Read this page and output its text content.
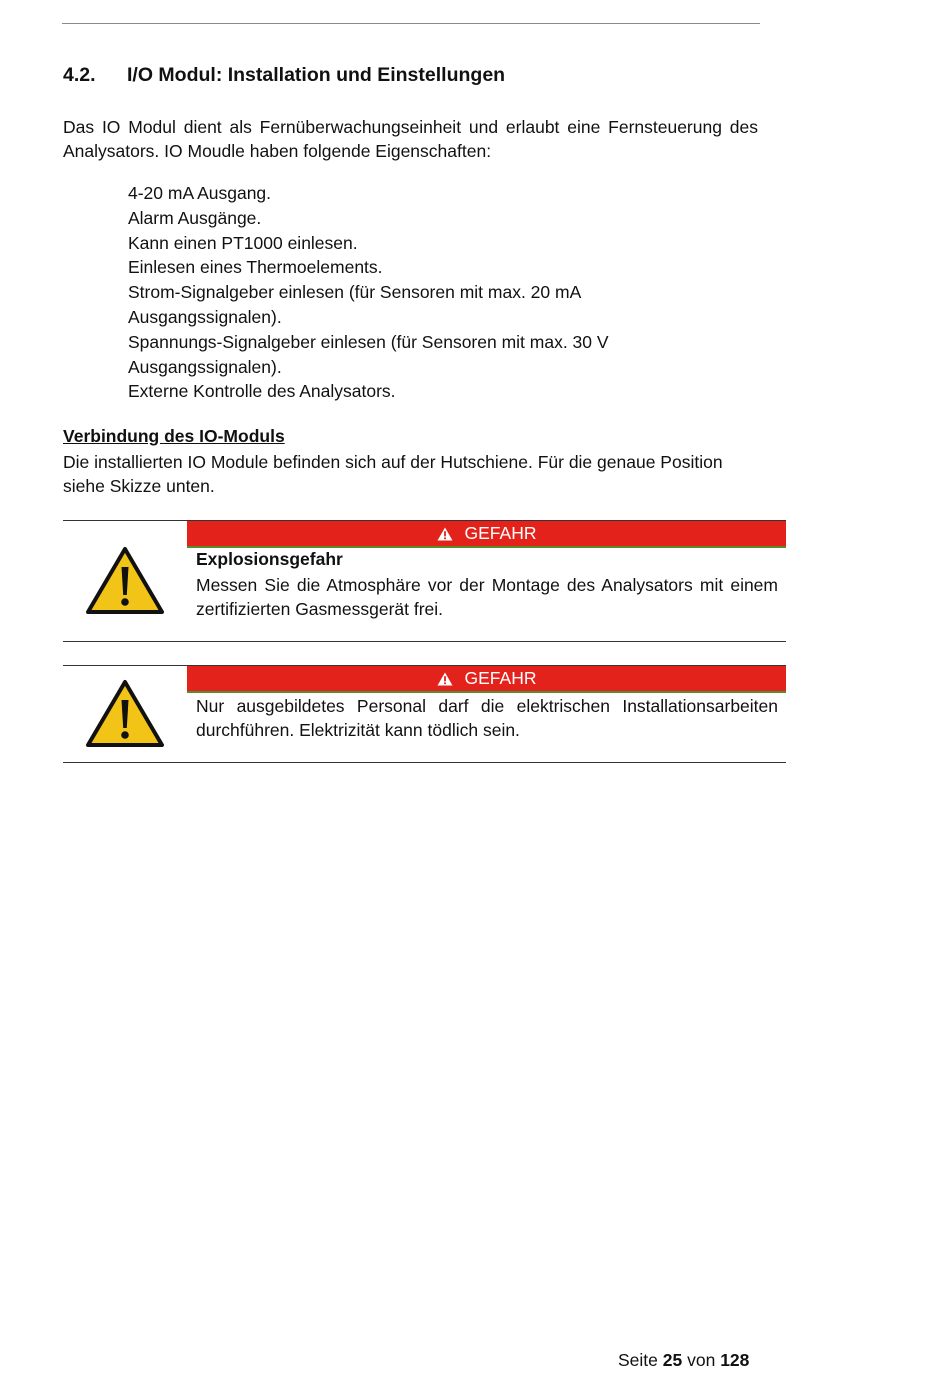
4.2. I/O Modul: Installation und Einstellungen

Das IO Modul dient als Fernüberwachungseinheit und erlaubt eine Fernsteuerung des Analysators. IO Moudle haben folgende Eigenschaften:

4-20 mA Ausgang.
Alarm Ausgänge.
Kann einen PT1000 einlesen.
Einlesen eines Thermoelements.
Strom-Signalgeber einlesen (für Sensoren mit max. 20 mA Ausgangssignalen).
Spannungs-Signalgeber einlesen (für Sensoren mit max. 30 V Ausgangssignalen).
Externe Kontrolle des Analysators.
Verbindung des IO-Moduls

Die installierten IO Module befinden sich auf der Hutschiene. Für die genaue Position siehe Skizze unten.

GEFAHR
Explosionsgefahr

Messen Sie die Atmosphäre vor der Montage des Analysators mit einem zertifizierten Gasmessgerät frei.

GEFAHR

Nur ausgebildetes Personal darf die elektrischen Installationsarbeiten durchführen. Elektrizität kann tödlich sein.

Seite 25 von 128
